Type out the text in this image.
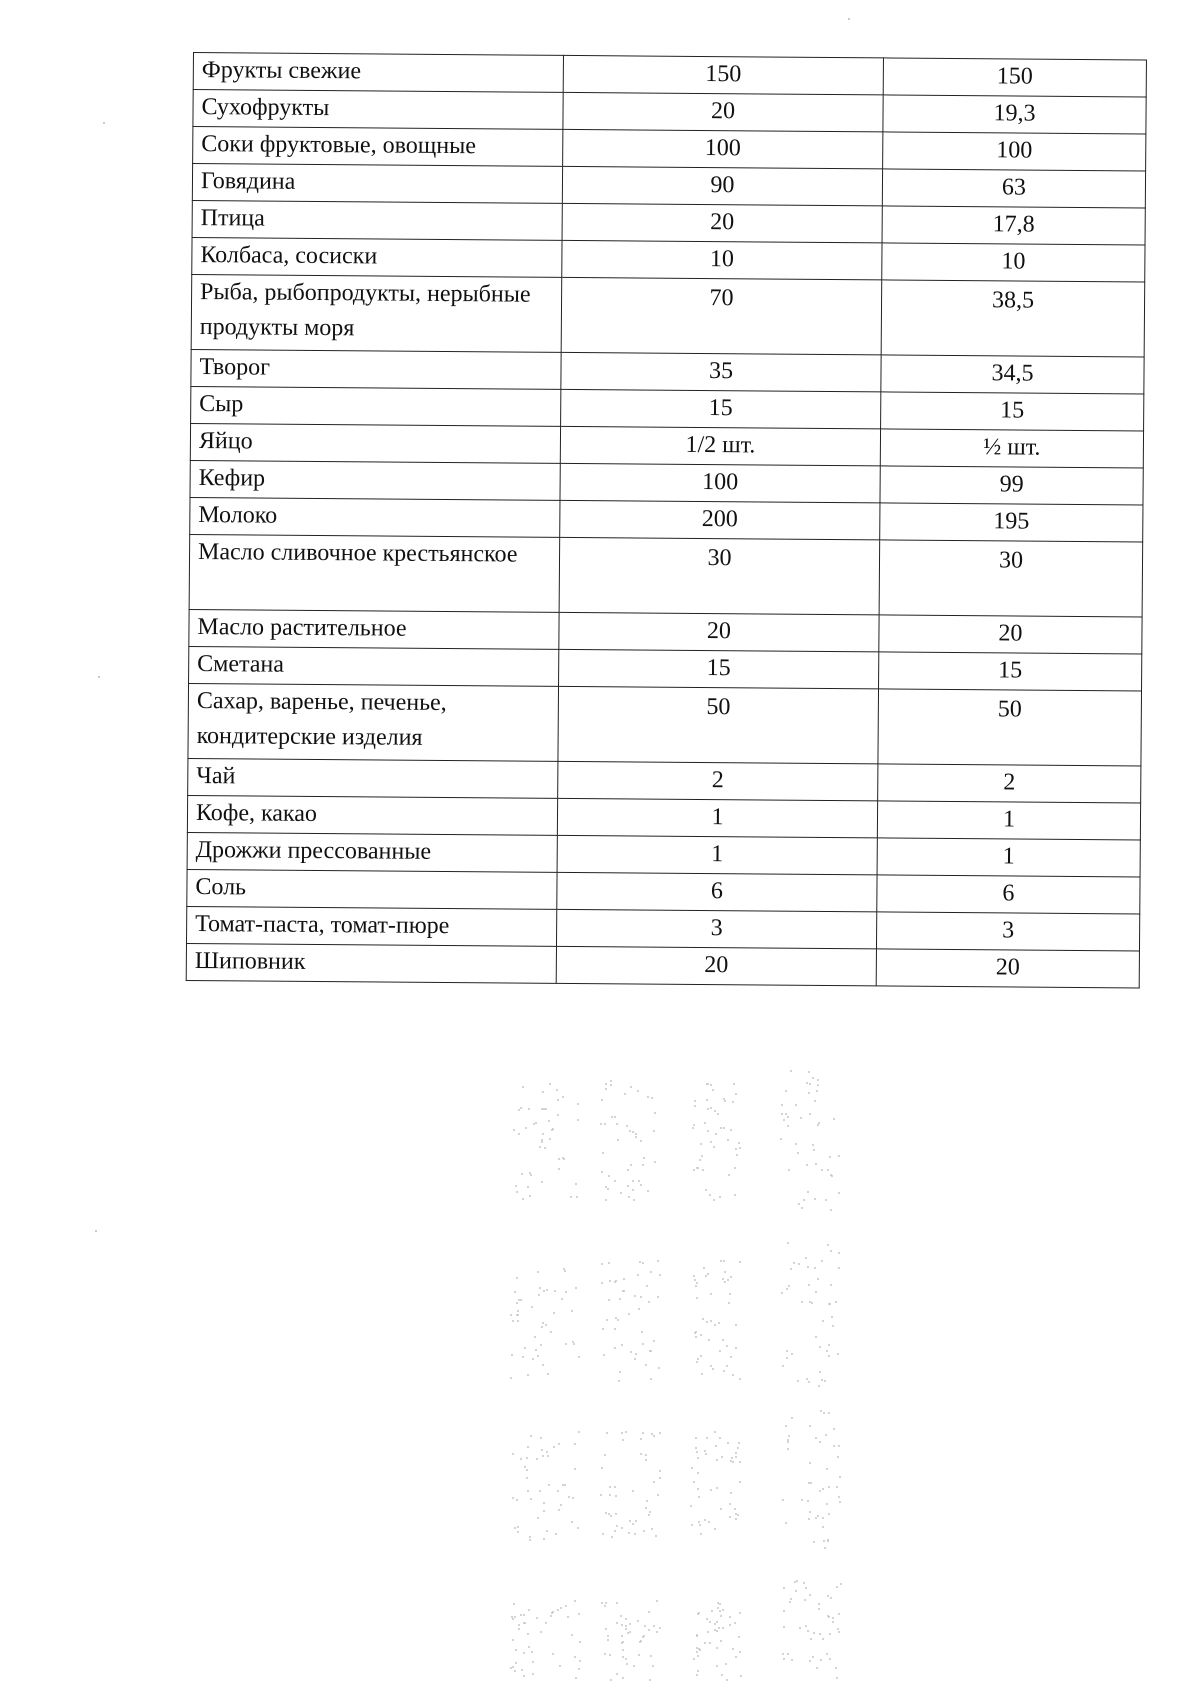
Фрукты свежие	150	150
Сухофрукты	20	19,3
Соки фруктовые, овощные	100	100
Говядина	90	63
Птица	20	17,8
Колбаса, сосиски	10	10
Рыба, рыбопродукты, нерыбные продукты моря	70	38,5
Творог	35	34,5
Сыр	15	15
Яйцо	1/2 шт.	½ шт.
Кефир	100	99
Молоко	200	195
Масло сливочное крестьянское	30	30
Масло растительное	20	20
Сметана	15	15
Сахар, варенье, печенье, кондитерские изделия	50	50
Чай	2	2
Кофе, какао	1	1
Дрожжи прессованные	1	1
Соль	6	6
Томат-паста, томат-пюре	3	3
Шиповник	20	20
